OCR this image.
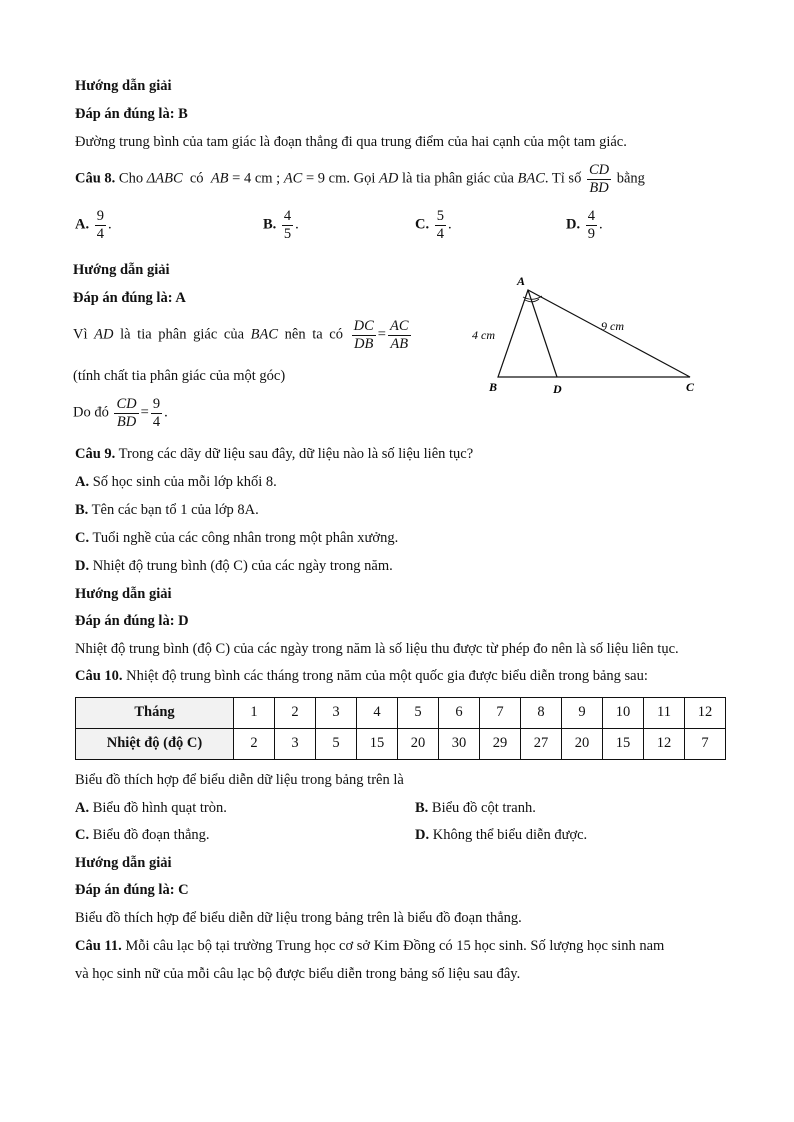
Hướng dẫn giải
Đáp án đúng là: B
Đường trung bình của tam giác là đoạn thẳng đi qua trung điểm của hai cạnh của một tam giác.
Câu 8. Cho ΔABC  có  AB = 4 cm ; AC = 9 cm. Gọi AD là tia phân giác của BAC. Tỉ số $\frac{CD}{BD}$ bằng
A. $\frac{9}{4}$ .	B. $\frac{4}{5}$ .	C. $\frac{5}{4}$ .	D. $\frac{4}{9}$ .
Hướng dẫn giải
Đáp án đúng là: A
Vì AD là tia phân giác của BAC nên ta có $\frac{DC}{DB} = \frac{AC}{AB}$
(tính chất tia phân giác của một góc)
Do đó $\frac{CD}{BD} = \frac{9}{4}$ .
A
B	D	C
4 cm
9 cm
Câu 9. Trong các dãy dữ liệu sau đây, dữ liệu nào là số liệu liên tục?
A. Số học sinh của mỗi lớp khối 8.
B. Tên các bạn tổ 1 của lớp 8A.
C. Tuổi nghề của các công nhân trong một phân xưởng.
D. Nhiệt độ trung bình (độ C) của các ngày trong năm.
Hướng dẫn giải
Đáp án đúng là: D
Nhiệt độ trung bình (độ C) của các ngày trong năm là số liệu thu được từ phép đo nên là số liệu liên tục.
Câu 10. Nhiệt độ trung bình các tháng trong năm của một quốc gia được biểu diễn trong bảng sau:
Tháng	1	2	3	4	5	6	7	8	9	10	11	12
Nhiệt độ (độ C)	2	3	5	15	20	30	29	27	20	15	12	7
Biểu đồ thích hợp để biểu diễn dữ liệu trong bảng trên là
A. Biểu đồ hình quạt tròn.	B. Biểu đồ cột tranh.
C. Biểu đồ đoạn thẳng.	D. Không thể biểu diễn được.
Hướng dẫn giải
Đáp án đúng là: C
Biểu đồ thích hợp để biểu diễn dữ liệu trong bảng trên là biểu đồ đoạn thẳng.
Câu 11. Mỗi câu lạc bộ tại trường Trung học cơ sở Kim Đồng có 15 học sinh. Số lượng học sinh nam
và học sinh nữ của mỗi câu lạc bộ được biểu diễn trong bảng số liệu sau đây.
